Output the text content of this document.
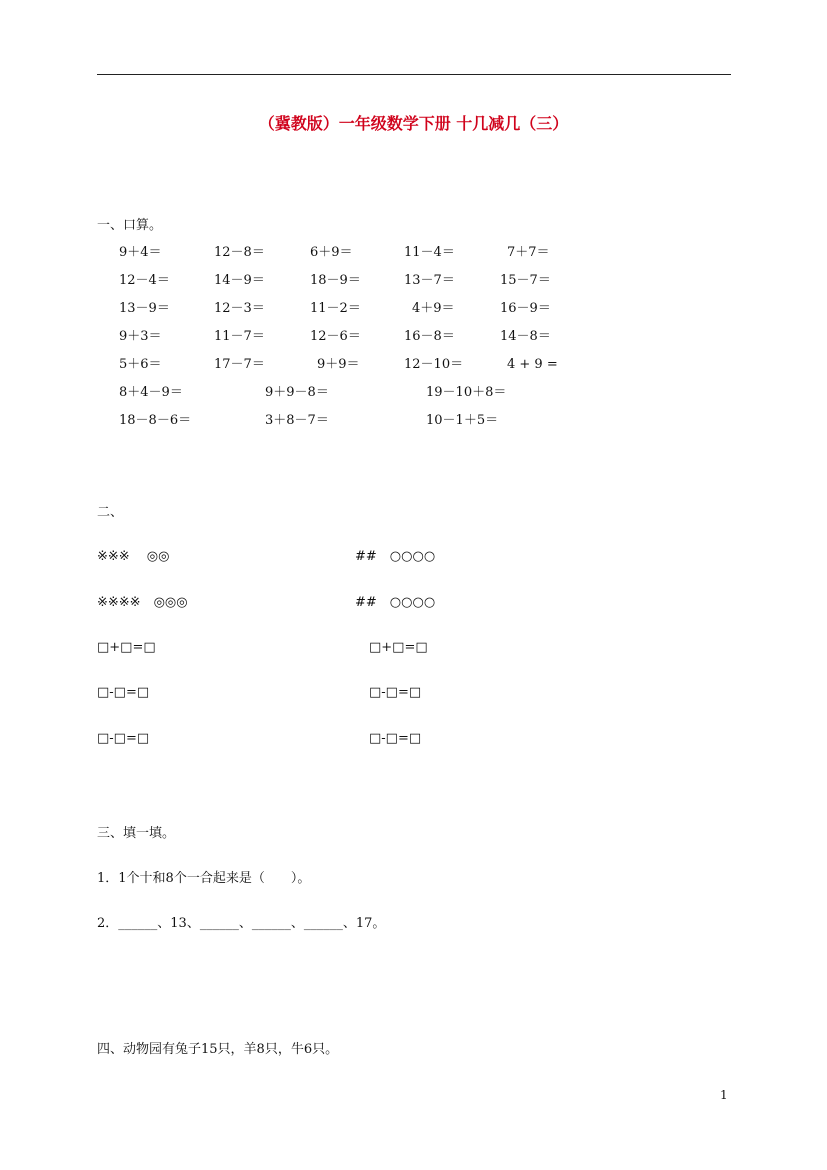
（冀教版）一年级数学下册 十几减几（三）
一、口算。
9＋4＝	12－8＝	6＋9＝	11－4＝	7＋7＝
12－4＝	14－9＝	18－9＝	13－7＝	15－7＝
13－9＝	12－3＝	11－2＝	4＋9＝	16－9＝
9＋3＝	11－7＝	12－6＝	16－8＝	14－8＝
5＋6＝	17－7＝	9＋9＝	12－10＝	4 + 9 =
8＋4－9＝	9＋9－8＝	19－10＋8＝
18－8－6＝	3＋8－7＝	10－1＋5＝
二、
※※※　 ◎◎	##　○○○○
※※※※　◎◎◎	##　○○○○
□+□=□	□+□=□
□-□=□	□-□=□
□-□=□	□-□=□
三、填一填。
1．1个十和8个一合起来是（　　）。
2．______、13、______、______、______、17。
四、动物园有兔子15只，羊8只，牛6只。
1
